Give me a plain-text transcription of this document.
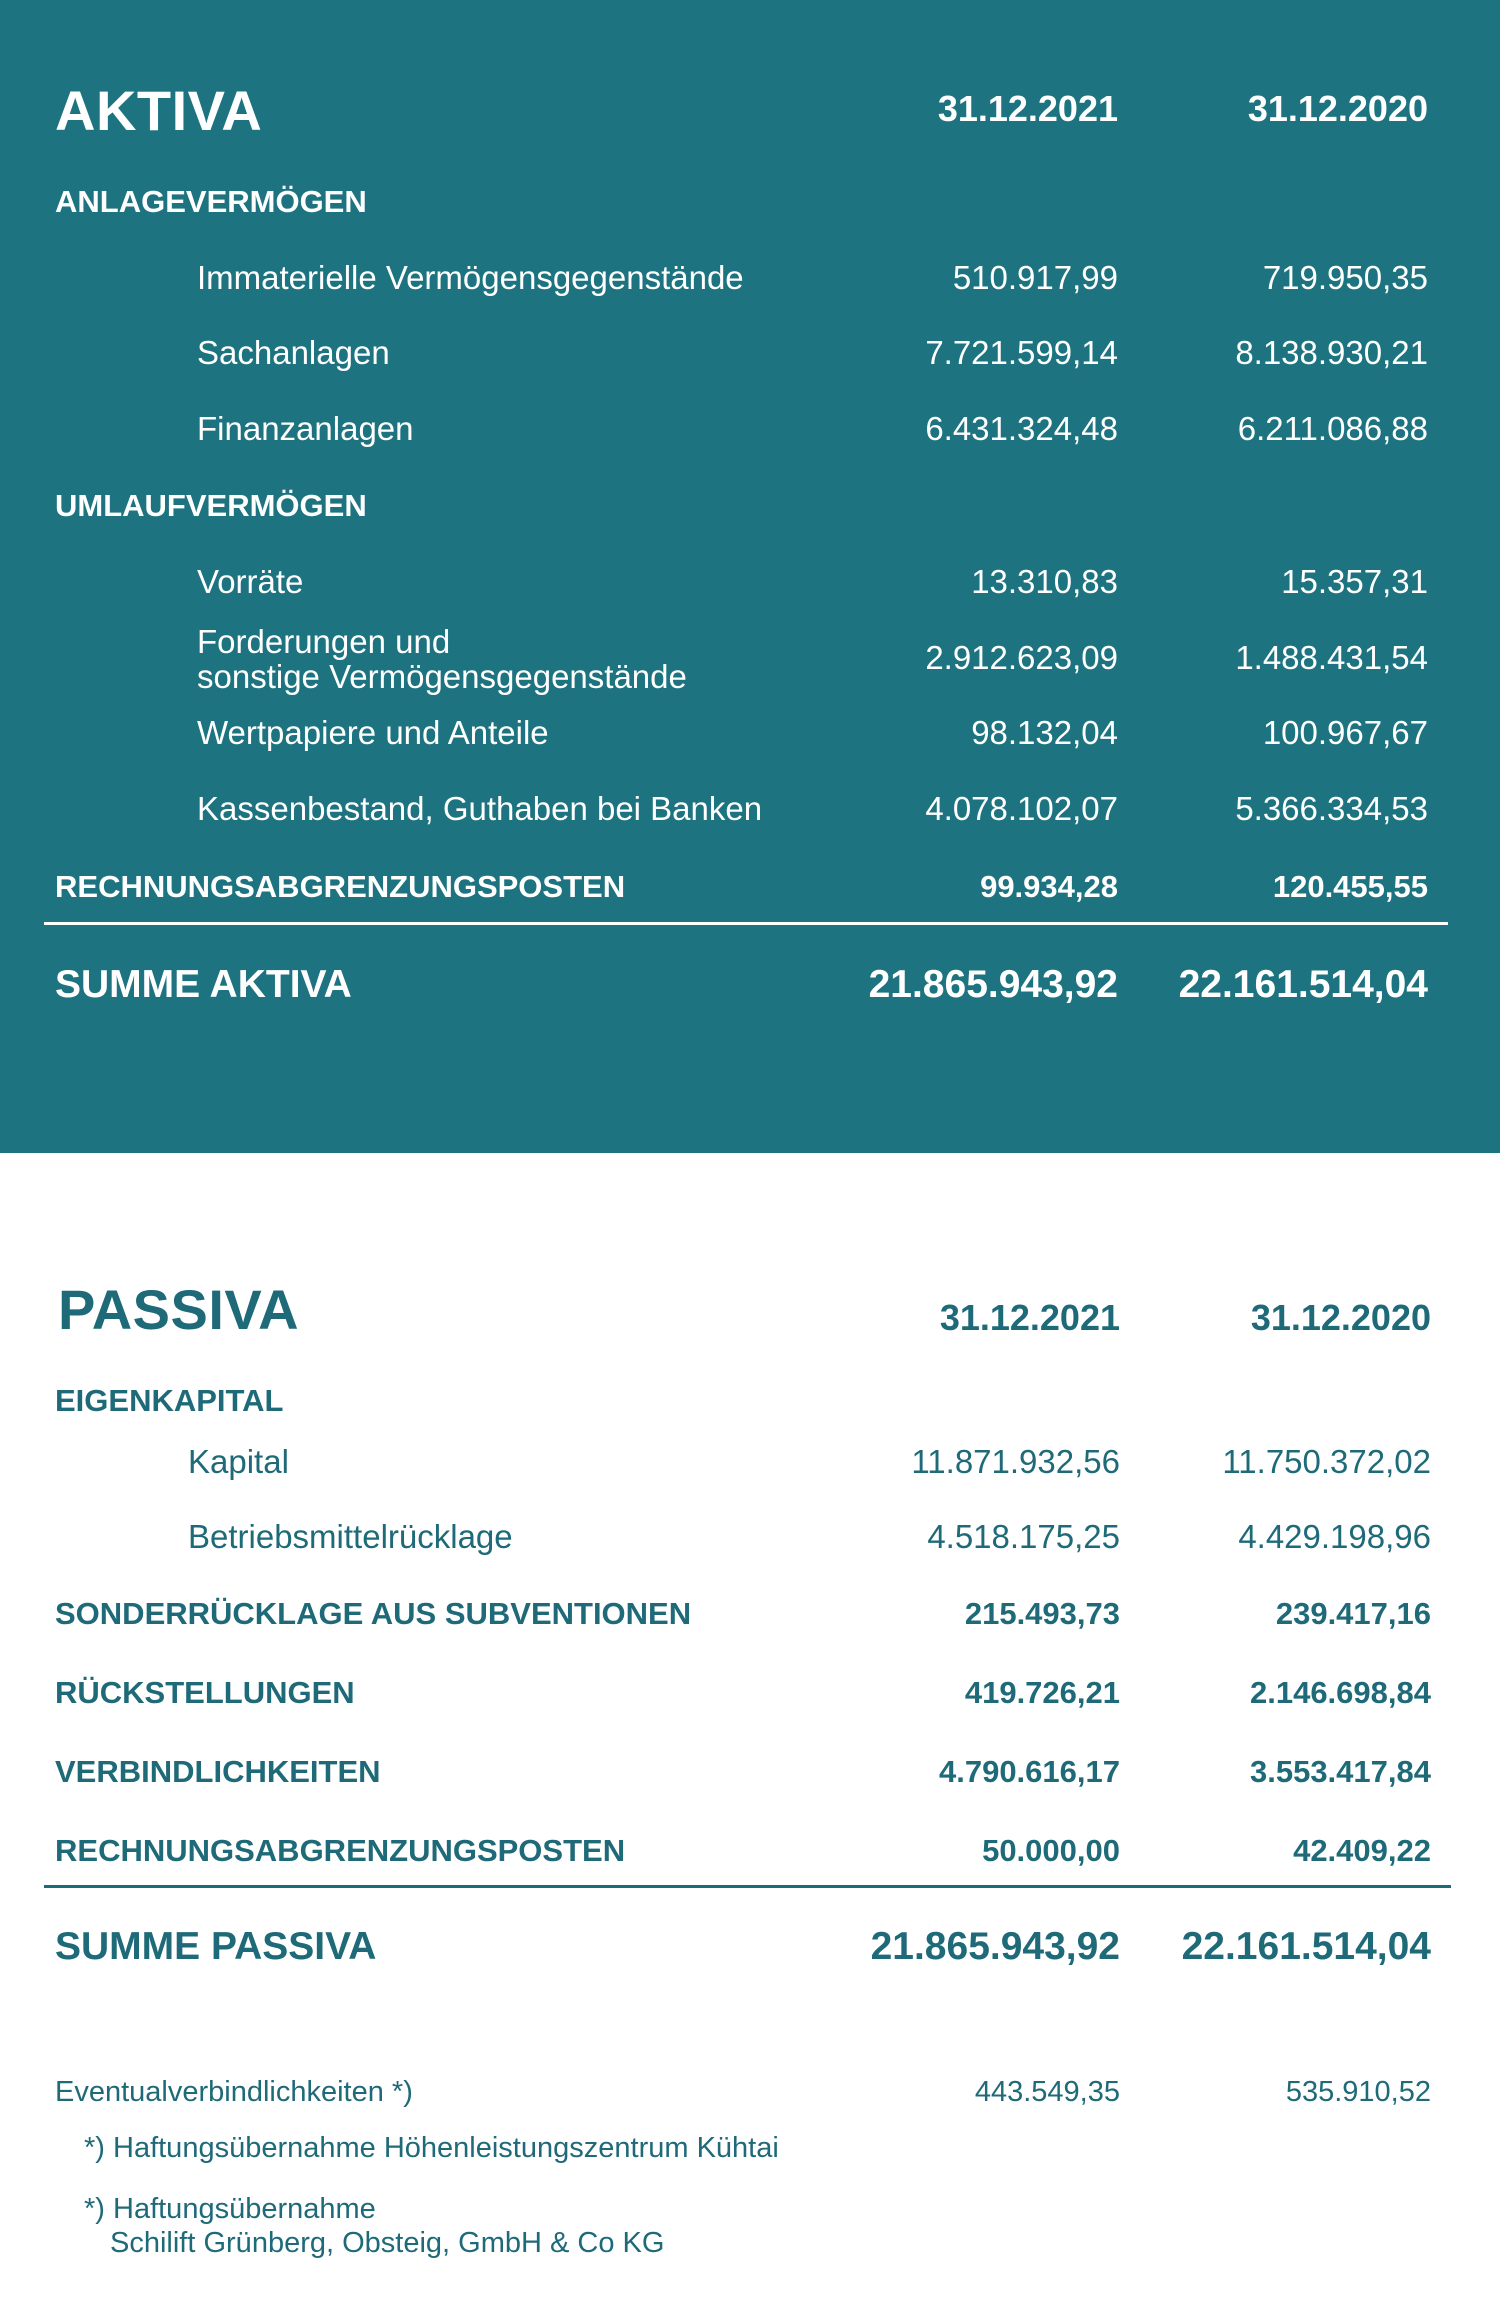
AKTIVA	31.12.2021	31.12.2020
ANLAGEVERMÖGEN
Immaterielle Vermögensgegenstände	510.917,99	719.950,35
Sachanlagen	7.721.599,14	8.138.930,21
Finanzanlagen	6.431.324,48	6.211.086,88
UMLAUFVERMÖGEN
Vorräte	13.310,83	15.357,31
Forderungen und
sonstige Vermögensgegenstände
2.912.623,09	1.488.431,54
Wertpapiere und Anteile	98.132,04	100.967,67
Kassenbestand, Guthaben bei Banken	4.078.102,07	5.366.334,53
RECHNUNGSABGRENZUNGSPOSTEN	99.934,28	120.455,55
SUMME AKTIVA	21.865.943,92	22.161.514,04
PASSIVA	31.12.2021	31.12.2020
EIGENKAPITAL
Kapital	11.871.932,56	11.750.372,02
Betriebsmittelrücklage	4.518.175,25	4.429.198,96
SONDERRÜCKLAGE AUS SUBVENTIONEN	215.493,73	239.417,16
RÜCKSTELLUNGEN	419.726,21	2.146.698,84
VERBINDLICHKEITEN	4.790.616,17	3.553.417,84
RECHNUNGSABGRENZUNGSPOSTEN	50.000,00	42.409,22
SUMME PASSIVA	21.865.943,92	22.161.514,04
Eventualverbindlichkeiten *)	443.549,35	535.910,52
*) Haftungsübernahme Höhenleistungszentrum Kühtai
*) Haftungsübernahme
Schilift Grünberg, Obsteig, GmbH & Co KG
